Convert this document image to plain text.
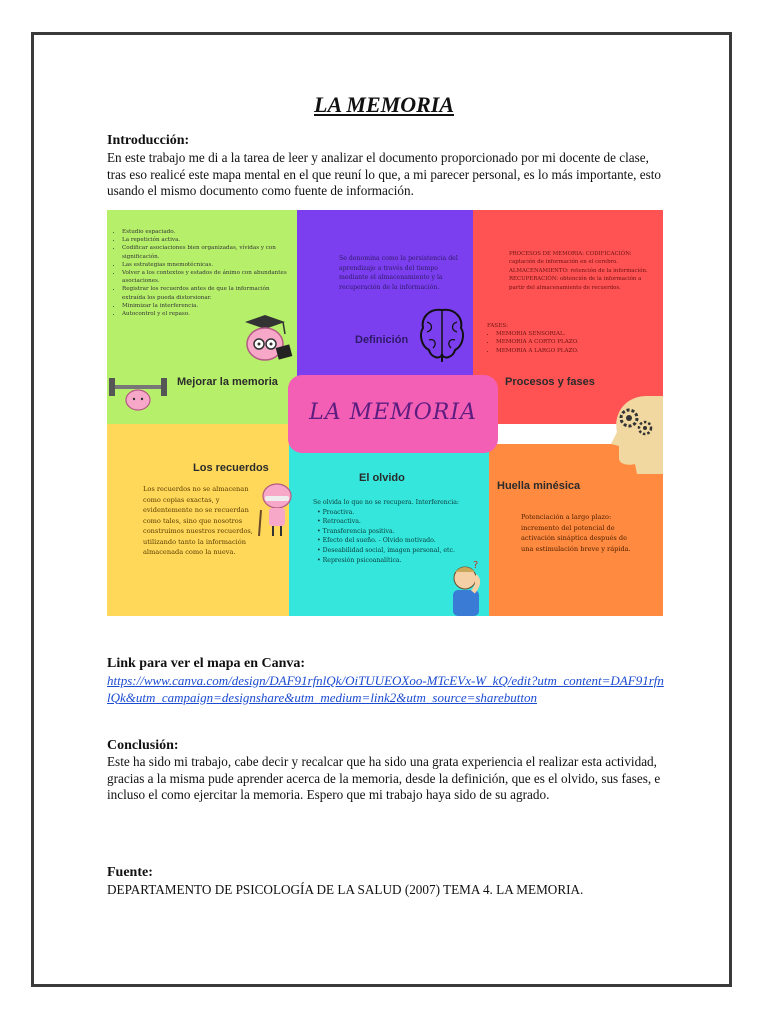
LA MEMORIA
Introducción:
En este trabajo me di a la tarea de leer y analizar el documento proporcionado por mi docente de clase, tras eso realicé este mapa mental en el que reuní lo que, a mi parecer personal, es lo más importante, esto usando el mismo documento como fuente de información.
• Estudio espaciado.
• La repetición activa.
• Codificar asociaciones bien organizadas, vívidas y con significación.
• Las estrategias mnemotécnicas.
• Volver a los contextos y estados de ánimo con abundantes asociaciones.
• Registrar los recuerdos antes de que la información extraída los pueda distorsionar.
• Minimizar la interferencia.
• Autocontrol y el repaso.
Mejorar la memoria
Se denomina como la persistencia del aprendizaje a través del tiempo mediante el almacenamiento y la recuperación de la información.
Definición
PROCESOS DE MEMORIA: CODIFICACIÓN: captación de información en el cerebro. ALMACENAMIENTO: retención de la información. RECUPERACIÓN: obtención de la información a partir del almacenamiento de recuerdos.
FASES:
• MEMORIA SENSORIAL.
• MEMORIA A CORTO PLAZO.
• MEMORIA A LARGO PLAZO.
Procesos y fases
LA MEMORIA
Los recuerdos
Los recuerdos no se almacenan como copias exactas, y evidentemente no se recuerdan como tales, sino que nosotros construimos nuestros recuerdos, utilizando tanto la información almacenada como la nueva.
El olvido
Se olvida lo que no se recupera. Interferencia:
• Proactiva.
• Retroactiva.
• Transferencia positiva.
• Efecto del sueño. - Olvido motivado.
• Deseabilidad social, imagen personal, etc.
• Represión psicoanalítica.	?
Huella minésica
Potenciación a largo plazo: incremento del potencial de activación sináptica después de una estimulación breve y rápida.
Link para ver el mapa en Canva:
https://www.canva.com/design/DAF91rfnlQk/OiTUUEOXoo-MTcEVx-W_kQ/edit?utm_content=DAF91rfnlQk&utm_campaign=designshare&utm_medium=link2&utm_source=sharebutton
Conclusión:
Este ha sido mi trabajo, cabe decir y recalcar que ha sido una grata experiencia el realizar esta actividad, gracias a la misma pude aprender acerca de la memoria, desde la definición, que es el olvido, sus fases, e incluso el como ejercitar la memoria. Espero que mi trabajo haya sido de su agrado.
Fuente:
DEPARTAMENTO DE PSICOLOGÍA DE LA SALUD (2007) TEMA 4. LA MEMORIA.
